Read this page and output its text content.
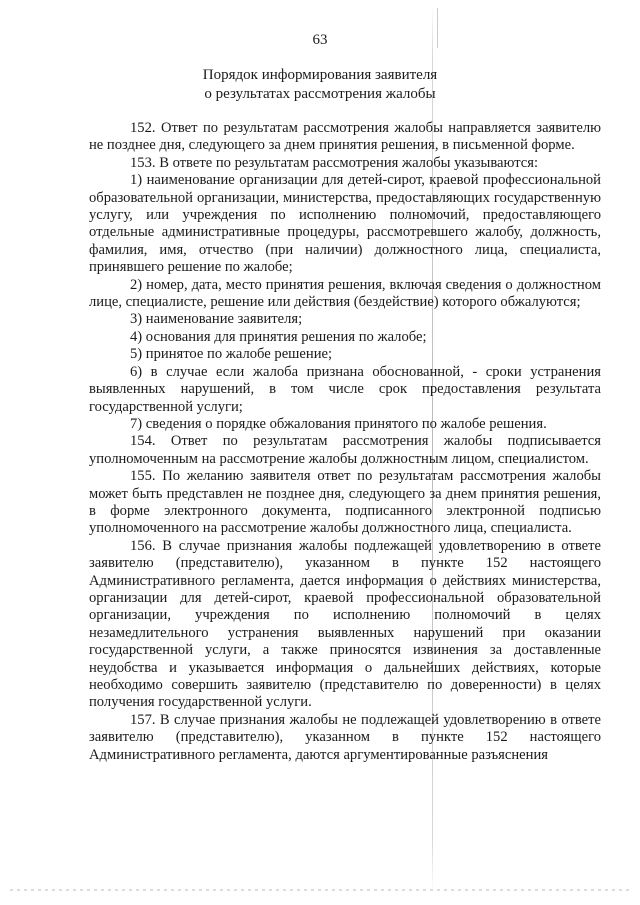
63
Порядок информирования заявителя
о результатах рассмотрения жалобы

152. Ответ по результатам рассмотрения жалобы направляется заявителю не позднее дня, следующего за днем принятия решения, в письменной форме.

153. В ответе по результатам рассмотрения жалобы указываются:

1) наименование организации для детей-сирот, краевой профессиональной образовательной организации, министерства, предоставляющих государственную услугу, или учреждения по исполнению полномочий, предоставляющего отдельные административные процедуры, рассмотревшего жалобу, должность, фамилия, имя, отчество (при наличии) должностного лица, специалиста, принявшего решение по жалобе;

2) номер, дата, место принятия решения, включая сведения о должностном лице, специалисте, решение или действия (бездействие) которого обжалуются;

3) наименование заявителя;

4) основания для принятия решения по жалобе;

5) принятое по жалобе решение;

6) в случае если жалоба признана обоснованной, - сроки устранения выявленных нарушений, в том числе срок предоставления результата государственной услуги;

7) сведения о порядке обжалования принятого по жалобе решения.

154. Ответ по результатам рассмотрения жалобы подписывается уполномоченным на рассмотрение жалобы должностным лицом, специалистом.

155. По желанию заявителя ответ по результатам рассмотрения жалобы может быть представлен не позднее дня, следующего за днем принятия решения, в форме электронного документа, подписанного электронной подписью уполномоченного на рассмотрение жалобы должностного лица, специалиста.

156. В случае признания жалобы подлежащей удовлетворению в ответе заявителю (представителю), указанном в пункте 152 настоящего Административного регламента, дается информация о действиях министерства, организации для детей-сирот, краевой профессиональной образовательной организации, учреждения по исполнению полномочий в целях незамедлительного устранения выявленных нарушений при оказании государственной услуги, а также приносятся извинения за доставленные неудобства и указывается информация о дальнейших действиях, которые необходимо совершить заявителю (представителю по доверенности) в целях получения государственной услуги.

157. В случае признания жалобы не подлежащей удовлетворению в ответе заявителю (представителю), указанном в пункте 152 настоящего Административного регламента, даются аргументированные разъяснения
